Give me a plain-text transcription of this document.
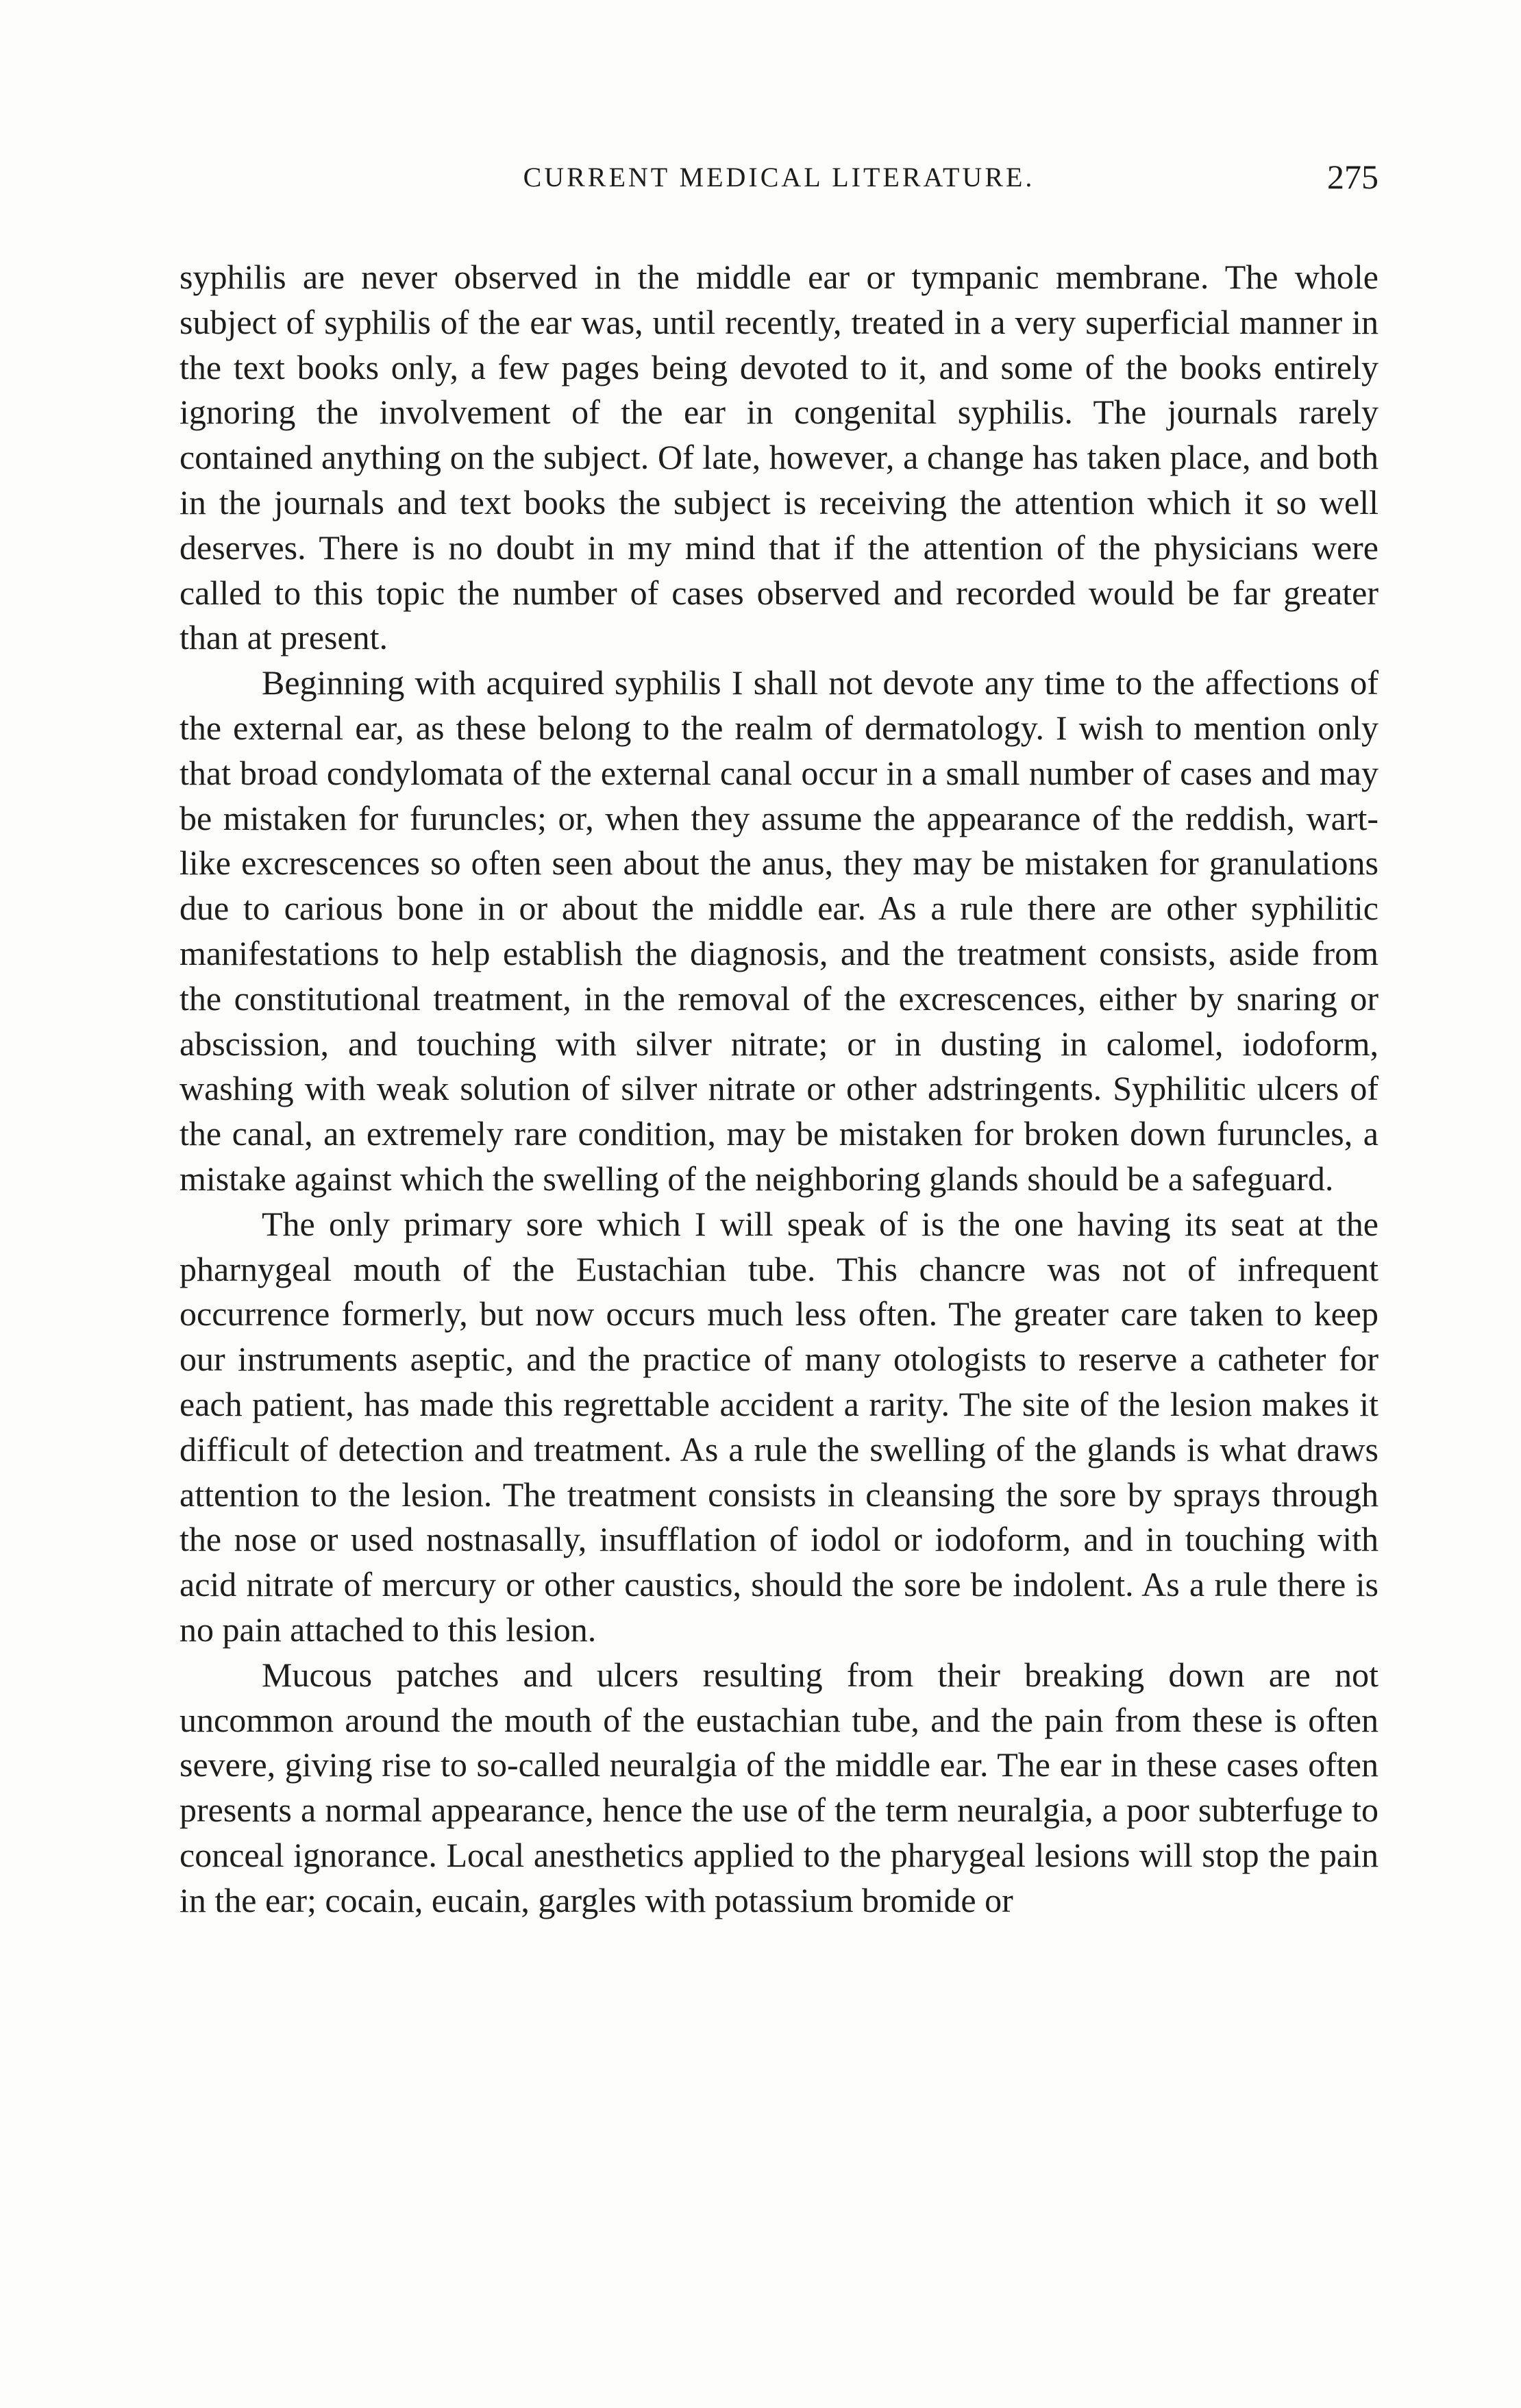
CURRENT MEDICAL LITERATURE.	275

syphilis are never observed in the middle ear or tympanic membrane. The whole subject of syphilis of the ear was, until recently, treated in a very superficial manner in the text books only, a few pages being devoted to it, and some of the books entirely ignoring the involvement of the ear in congenital syphilis. The journals rarely contained anything on the subject. Of late, however, a change has taken place, and both in the journals and text books the subject is receiving the attention which it so well deserves. There is no doubt in my mind that if the attention of the physicians were called to this topic the number of cases observed and recorded would be far greater than at present.

Beginning with acquired syphilis I shall not devote any time to the affections of the external ear, as these belong to the realm of dermatology. I wish to mention only that broad condylomata of the external canal occur in a small number of cases and may be mistaken for furuncles; or, when they assume the appearance of the reddish, wart-like excrescences so often seen about the anus, they may be mistaken for granulations due to carious bone in or about the middle ear. As a rule there are other syphilitic manifestations to help establish the diagnosis, and the treatment consists, aside from the constitutional treatment, in the removal of the excrescences, either by snaring or abscission, and touching with silver nitrate; or in dusting in calomel, iodoform, washing with weak solution of silver nitrate or other adstringents. Syphilitic ulcers of the canal, an extremely rare condition, may be mistaken for broken down furuncles, a mistake against which the swelling of the neighboring glands should be a safeguard.

The only primary sore which I will speak of is the one having its seat at the pharnygeal mouth of the Eustachian tube. This chancre was not of infrequent occurrence formerly, but now occurs much less often. The greater care taken to keep our instruments aseptic, and the practice of many otologists to reserve a catheter for each patient, has made this regrettable accident a rarity. The site of the lesion makes it difficult of detection and treatment. As a rule the swelling of the glands is what draws attention to the lesion. The treatment consists in cleansing the sore by sprays through the nose or used nostnasally, insufflation of iodol or iodoform, and in touching with acid nitrate of mercury or other caustics, should the sore be indolent. As a rule there is no pain attached to this lesion.

Mucous patches and ulcers resulting from their breaking down are not uncommon around the mouth of the eustachian tube, and the pain from these is often severe, giving rise to so-called neuralgia of the middle ear. The ear in these cases often presents a normal appearance, hence the use of the term neuralgia, a poor subterfuge to conceal ignorance. Local anesthetics applied to the pharygeal lesions will stop the pain in the ear; cocain, eucain, gargles with potassium bromide or
